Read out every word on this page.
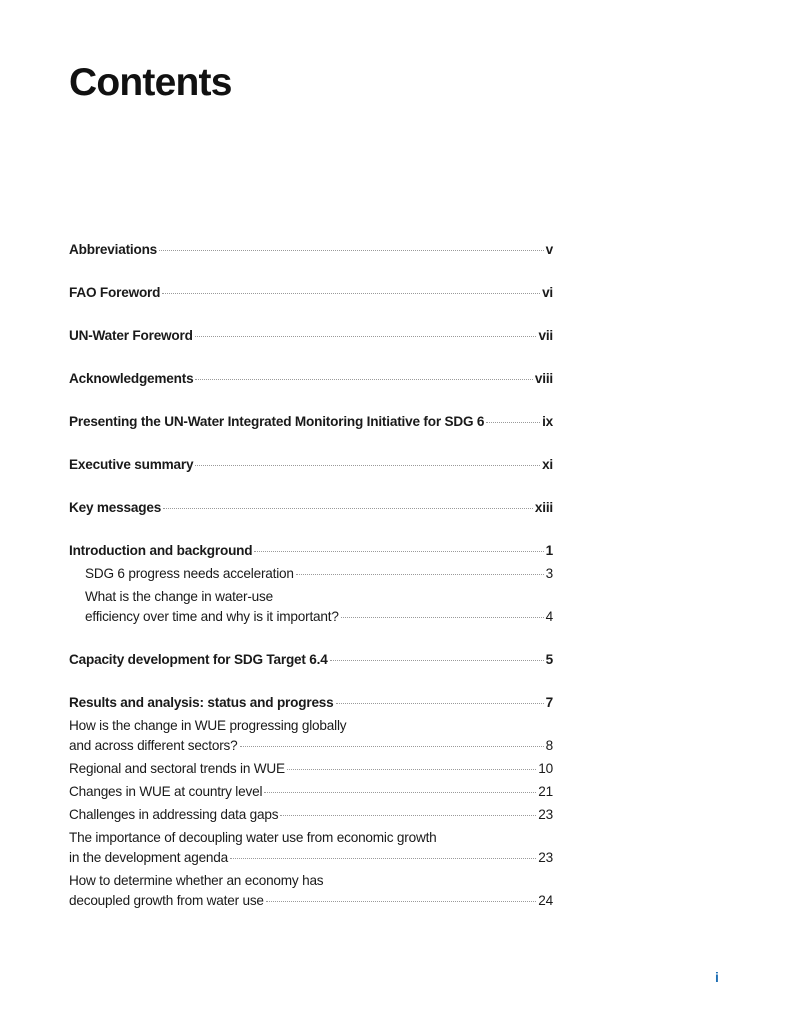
Contents
Abbreviations	v
FAO Foreword	vi
UN-Water Foreword	vii
Acknowledgements	viii
Presenting the UN-Water Integrated Monitoring Initiative for SDG 6	ix
Executive summary	xi
Key messages	xiii
Introduction and background	1
SDG 6 progress needs acceleration	3
What is the change in water-use
efficiency over time and why is it important?	4
Capacity development for SDG Target 6.4	5
Results and analysis: status and progress	7
How is the change in WUE progressing globally
and across different sectors?	8
Regional and sectoral trends in WUE	10
Changes in WUE at country level	21
Challenges in addressing data gaps	23
The importance of decoupling water use from economic growth
in the development agenda	23
How to determine whether an economy has
decoupled growth from water use	24
i
